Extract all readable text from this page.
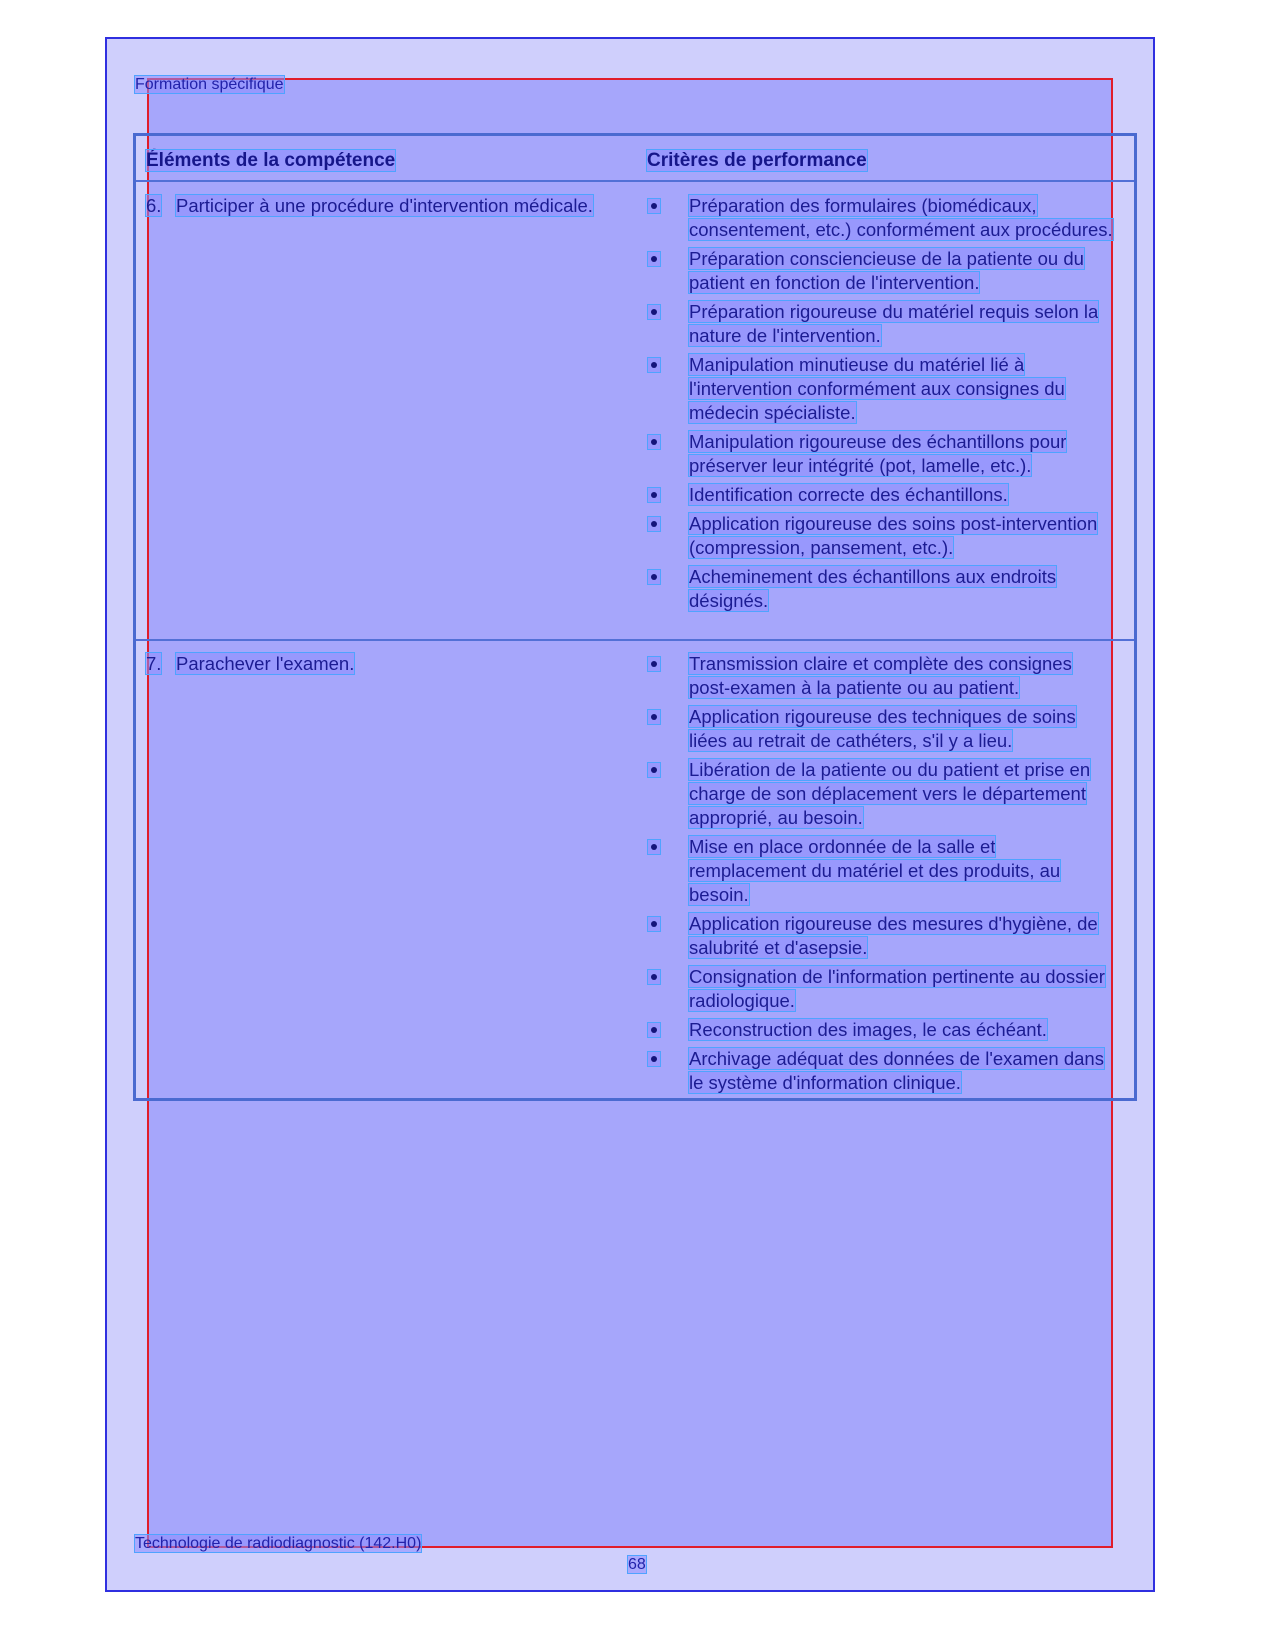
Formation spécifique
Éléments de la compétence	Critères de performance
6. Participer à une procédure d'intervention médicale.	Préparation des formulaires (biomédicaux, consentement, etc.) conformément aux procédures.
Préparation consciencieuse de la patiente ou du patient en fonction de l'intervention.
Préparation rigoureuse du matériel requis selon la nature de l'intervention.
Manipulation minutieuse du matériel lié à l'intervention conformément aux consignes du médecin spécialiste.
Manipulation rigoureuse des échantillons pour préserver leur intégrité (pot, lamelle, etc.).
Identification correcte des échantillons.
Application rigoureuse des soins post-intervention (compression, pansement, etc.).
Acheminement des échantillons aux endroits désignés.
7. Parachever l'examen.	Transmission claire et complète des consignes post-examen à la patiente ou au patient.
Application rigoureuse des techniques de soins liées au retrait de cathéters, s'il y a lieu.
Libération de la patiente ou du patient et prise en charge de son déplacement vers le département approprié, au besoin.
Mise en place ordonnée de la salle et remplacement du matériel et des produits, au besoin.
Application rigoureuse des mesures d'hygiène, de salubrité et d'asepsie.
Consignation de l'information pertinente au dossier radiologique.
Reconstruction des images, le cas échéant.
Archivage adéquat des données de l'examen dans le système d'information clinique.
Technologie de radiodiagnostic (142.H0)
68
